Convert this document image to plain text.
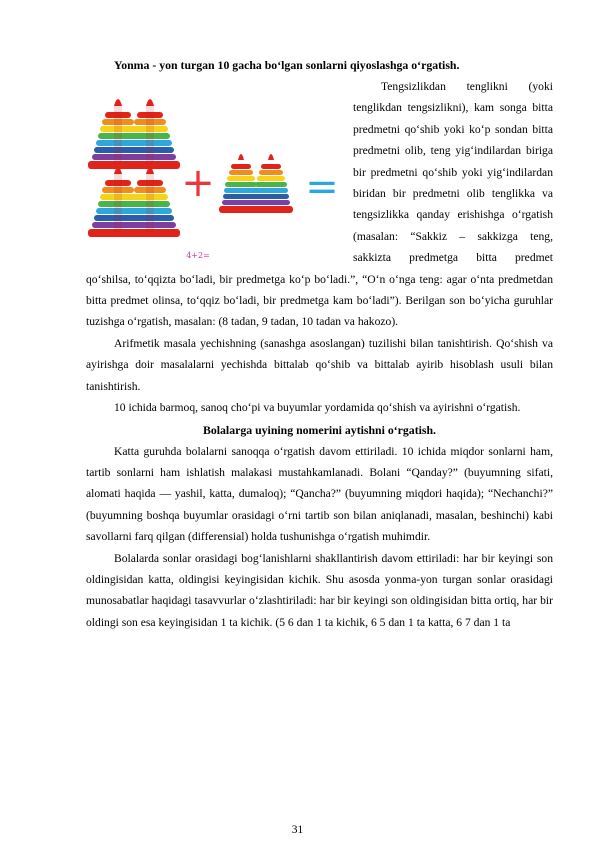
Yonma - yon turgan 10 gacha bo‘lgan sonlarni qiyoslashga o‘rgatish.

+ =
4+2=

Tengsizlikdan tenglikni (yoki tenglikdan tengsizlikni), kam songa bitta predmetni qo‘shib yoki ko‘p sondan bitta predmetni olib, teng yig‘indilardan biriga bir predmetni qo‘shib yoki yig‘indilardan biridan bir predmetni olib tenglikka va tengsizlikka qanday erishishga o‘rgatish (masalan: “Sakkiz – sakkizga teng, sakkizta predmetga bitta predmet qo‘shilsa, to‘qqizta bo‘ladi, bir predmetga ko‘p bo‘ladi.”, “O‘n o‘nga teng: agar o‘nta predmetdan bitta predmet olinsa, to‘qqiz bo‘ladi, bir predmetga kam bo‘ladi”). Berilgan son bo‘yicha guruhlar tuzishga o‘rgatish, masalan: (8 tadan, 9 tadan, 10 tadan va hakozo).

Arifmetik masala yechishning (sanashga asoslangan) tuzilishi bilan tanishtirish. Qo‘shish va ayirishga doir masalalarni yechishda bittalab qo‘shib va bittalab ayirib hisoblash usuli bilan tanishtirish.

10 ichida barmoq, sanoq cho‘pi va buyumlar yordamida qo‘shish va ayirishni o‘rgatish.

Bolalarga uyining nomerini aytishni o‘rgatish.

Katta guruhda bolalarni sanoqqa o‘rgatish davom ettiriladi. 10 ichida miqdor sonlarni ham, tartib sonlarni ham ishlatish malakasi mustahkamlanadi. Bolani “Qanday?” (buyumning sifati, alomati haqida — yashil, katta, dumaloq); “Qancha?” (buyumning miqdori haqida); “Nechanchi?” (buyumning boshqa buyumlar orasidagi o‘rni tartib son bilan aniqlanadi, masalan, beshinchi) kabi savollarni farq qilgan (differensial) holda tushunishga o‘rgatish muhimdir.

Bolalarda sonlar orasidagi bog‘lanishlarni shakllantirish davom ettiriladi: har bir keyingi son oldingisidan katta, oldingisi keyingisidan kichik. Shu asosda yonma-yon turgan sonlar orasidagi munosabatlar haqidagi tasavvurlar o‘zlashtiriladi: har bir keyingi son oldingisidan bitta ortiq, har bir oldingi son esa keyingisidan 1 ta kichik. (5 6 dan 1 ta kichik, 6 5 dan 1 ta katta, 6 7 dan 1 ta

31
